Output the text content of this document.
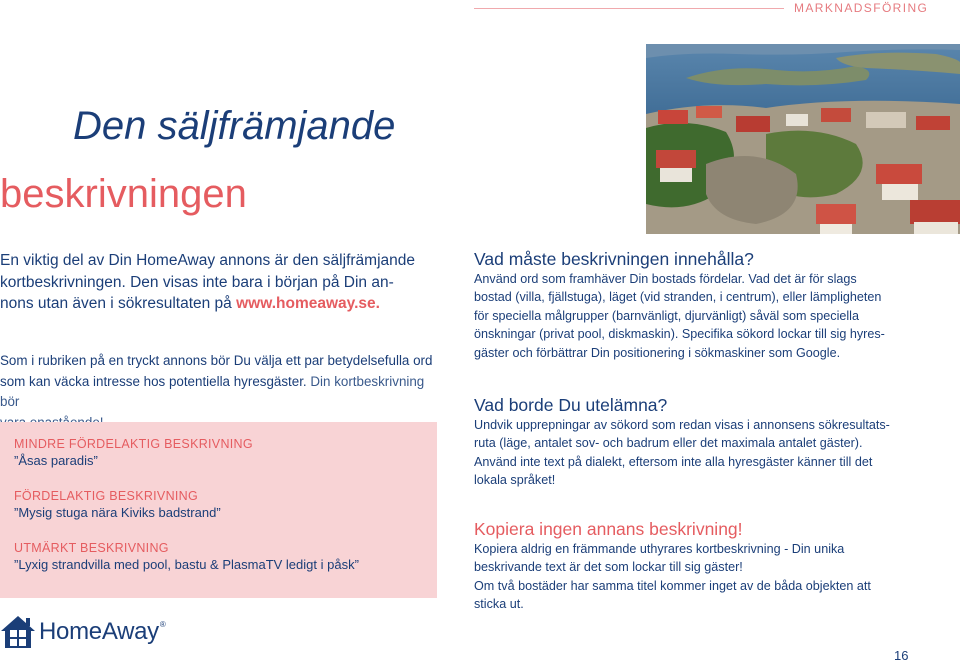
MARKNADSFÖRING
Den säljfrämjande
beskrivningen
En viktig del av Din HomeAway annons är den säljfrämjande
kortbeskrivningen. Den visas inte bara i början på Din an-
nons utan även i sökresultaten på www.homeaway.se.
Som i rubriken på en tryckt annons bör Du välja ett par betydelsefulla ord
som kan väcka intresse hos potentiella hyresgäster. Din kortbeskrivning bör
MINDRE FÖRDELAKTIG BESKRIVNING
”Åsas paradis”
FÖRDELAKTIG BESKRIVNING
”Mysig stuga nära Kiviks badstrand”
UTMÄRKT BESKRIVNING
”Lyxig strandvilla med pool, bastu & PlasmaTV ledigt i påsk”
HomeAway ®
Vad måste beskrivningen innehålla?
Använd ord som framhäver Din bostads fördelar. Vad det är för slags
bostad (villa, fjällstuga), läget (vid stranden, i centrum), eller lämpligheten
för speciella målgrupper (barnvänligt, djurvänligt) såväl som speciella
önskningar (privat pool, diskmaskin). Specifika sökord lockar till sig hyres-
gäster och förbättrar Din positionering i sökmaskiner som Google.
Vad borde Du utelämna?
Undvik upprepningar av sökord som redan visas i annonsens sökresultats-
ruta (läge, antalet sov- och badrum eller det maximala antalet gäster).
Använd inte text på dialekt, eftersom inte alla hyresgäster känner till det
lokala språket!
Kopiera ingen annans beskrivning!
Kopiera aldrig en främmande uthyrares kortbeskrivning - Din unika
beskrivande text är det som lockar till sig gäster!
Om två bostäder har samma titel kommer inget av de båda objekten att
sticka ut.
16
